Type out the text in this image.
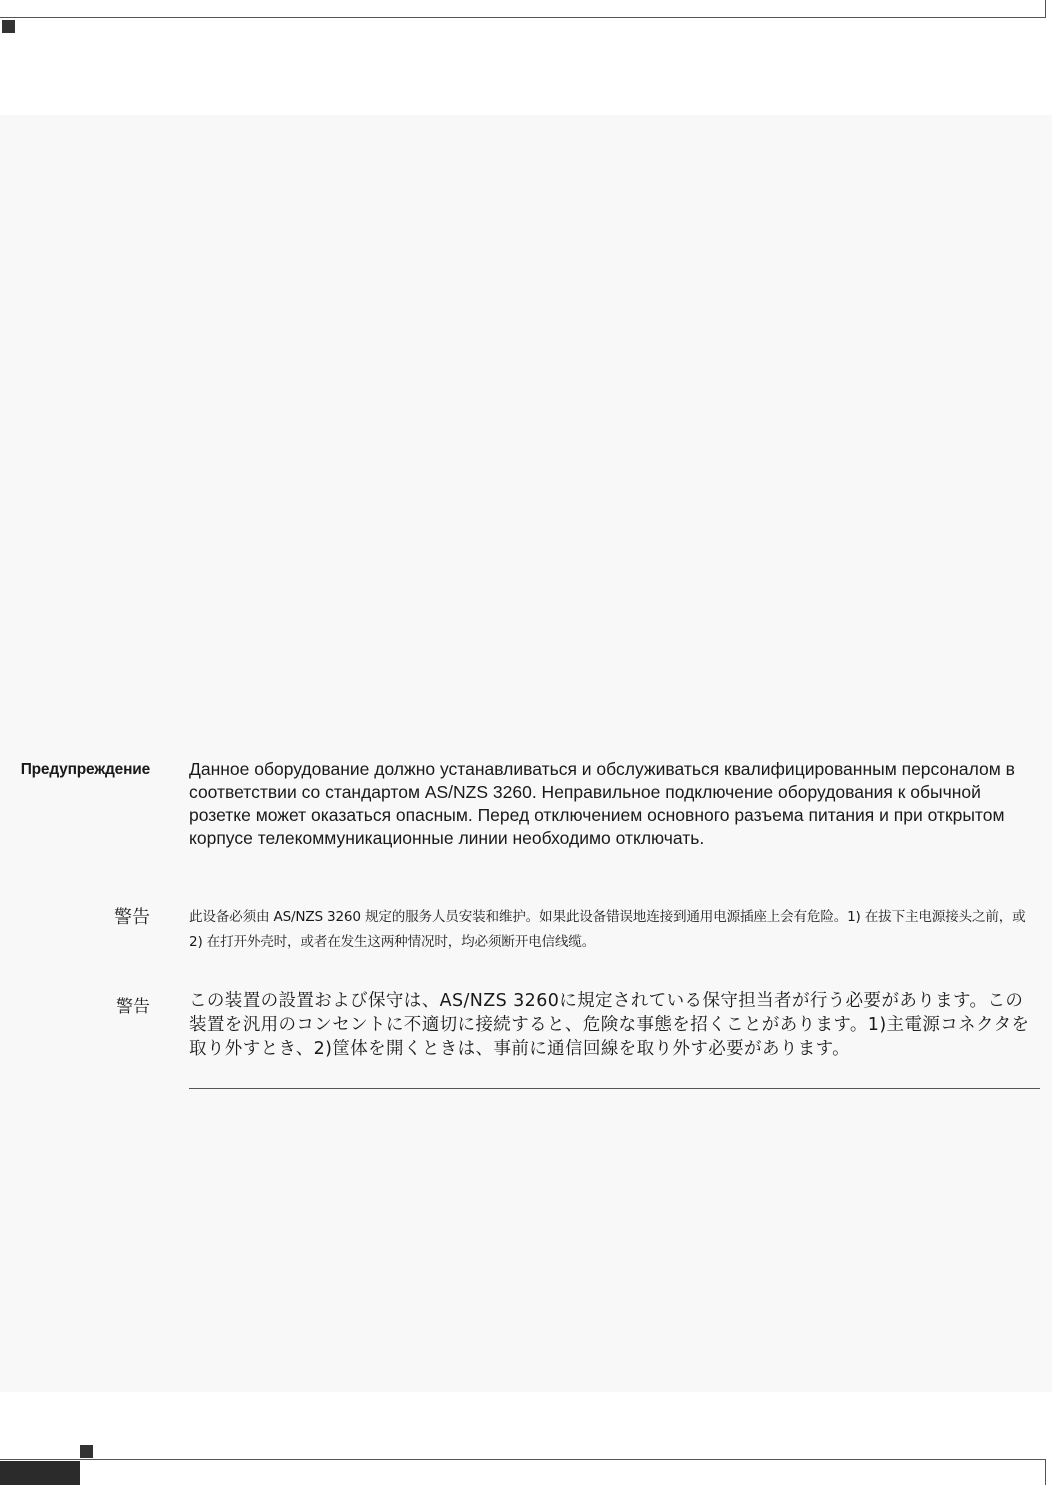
Предупреждение Данное оборудование должно устанавливаться и обслуживаться квалифицированным персоналом в соответствии со стандартом AS/NZS 3260. Неправильное подключение оборудования к обычной розетке может оказаться опасным. Перед отключением основного разъема питания и при открытом корпусе телекоммуникационные линии необходимо отключать.

警告	此设备必须由 AS/NZS 3260 规定的服务人员安装和维护。如果此设备错误地连接到通用电源插座上会有危险。1) 在拔下主电源接头之前，或 2) 在打开外壳时，或者在发生这两种情况时，均必须断开电信线缆。

警告 この装置の設置および保守は、AS/NZS 3260に規定されている保守担当者が行う必要があります。この装置を汎用のコンセントに不適切に接続すると、危険な事態を招くことがあります。1)主電源コネクタを取り外すとき、2)筐体を開くときは、事前に通信回線を取り外す必要があります。
